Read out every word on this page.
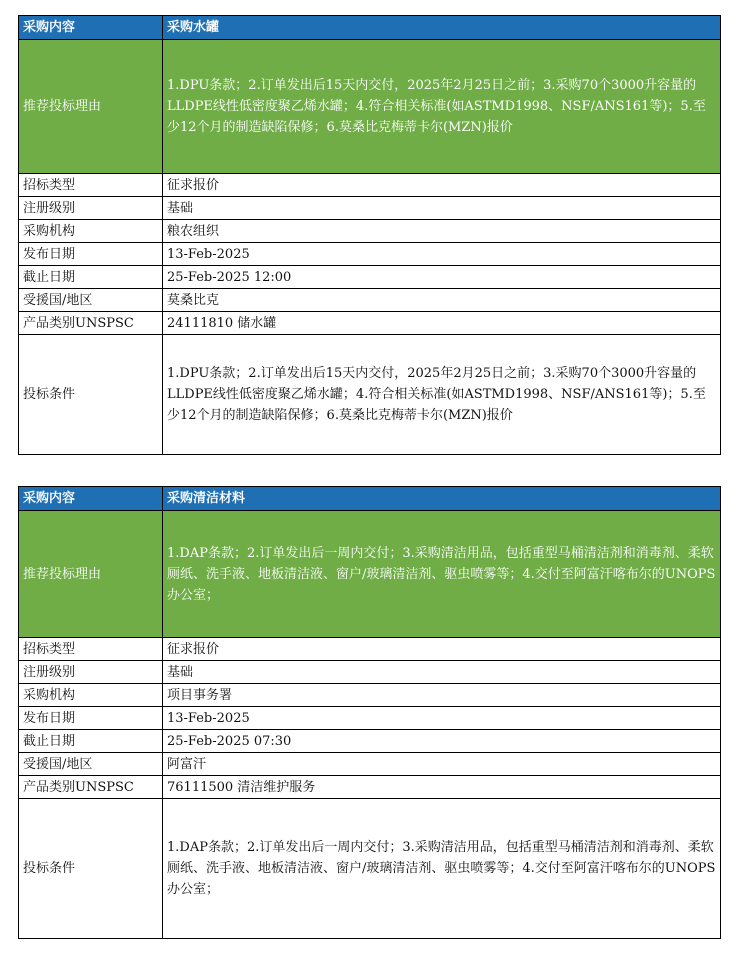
采购内容	采购水罐
推荐投标理由	1.DPU条款；2.订单发出后15天内交付，2025年2月25日之前；3.采购70个3000升容量的LLDPE线性低密度聚乙烯水罐；4.符合相关标准(如ASTMD1998、NSF/ANS161等)；5.至少12个月的制造缺陷保修；6.莫桑比克梅蒂卡尔(MZN)报价
招标类型	征求报价
注册级别	基础
采购机构	粮农组织
发布日期	13-Feb-2025
截止日期	25-Feb-2025 12:00
受援国/地区	莫桑比克
产品类别UNSPSC	24111810 储水罐
投标条件	1.DPU条款；2.订单发出后15天内交付，2025年2月25日之前；3.采购70个3000升容量的LLDPE线性低密度聚乙烯水罐；4.符合相关标准(如ASTMD1998、NSF/ANS161等)；5.至少12个月的制造缺陷保修；6.莫桑比克梅蒂卡尔(MZN)报价
采购内容	采购清洁材料
推荐投标理由	1.DAP条款；2.订单发出后一周内交付；3.采购清洁用品，包括重型马桶清洁剂和消毒剂、柔软厕纸、洗手液、地板清洁液、窗户/玻璃清洁剂、驱虫喷雾等；4.交付至阿富汗喀布尔的UNOPS办公室；
招标类型	征求报价
注册级别	基础
采购机构	项目事务署
发布日期	13-Feb-2025
截止日期	25-Feb-2025 07:30
受援国/地区	阿富汗
产品类别UNSPSC	76111500 清洁维护服务
投标条件	1.DAP条款；2.订单发出后一周内交付；3.采购清洁用品，包括重型马桶清洁剂和消毒剂、柔软厕纸、洗手液、地板清洁液、窗户/玻璃清洁剂、驱虫喷雾等；4.交付至阿富汗喀布尔的UNOPS办公室；
